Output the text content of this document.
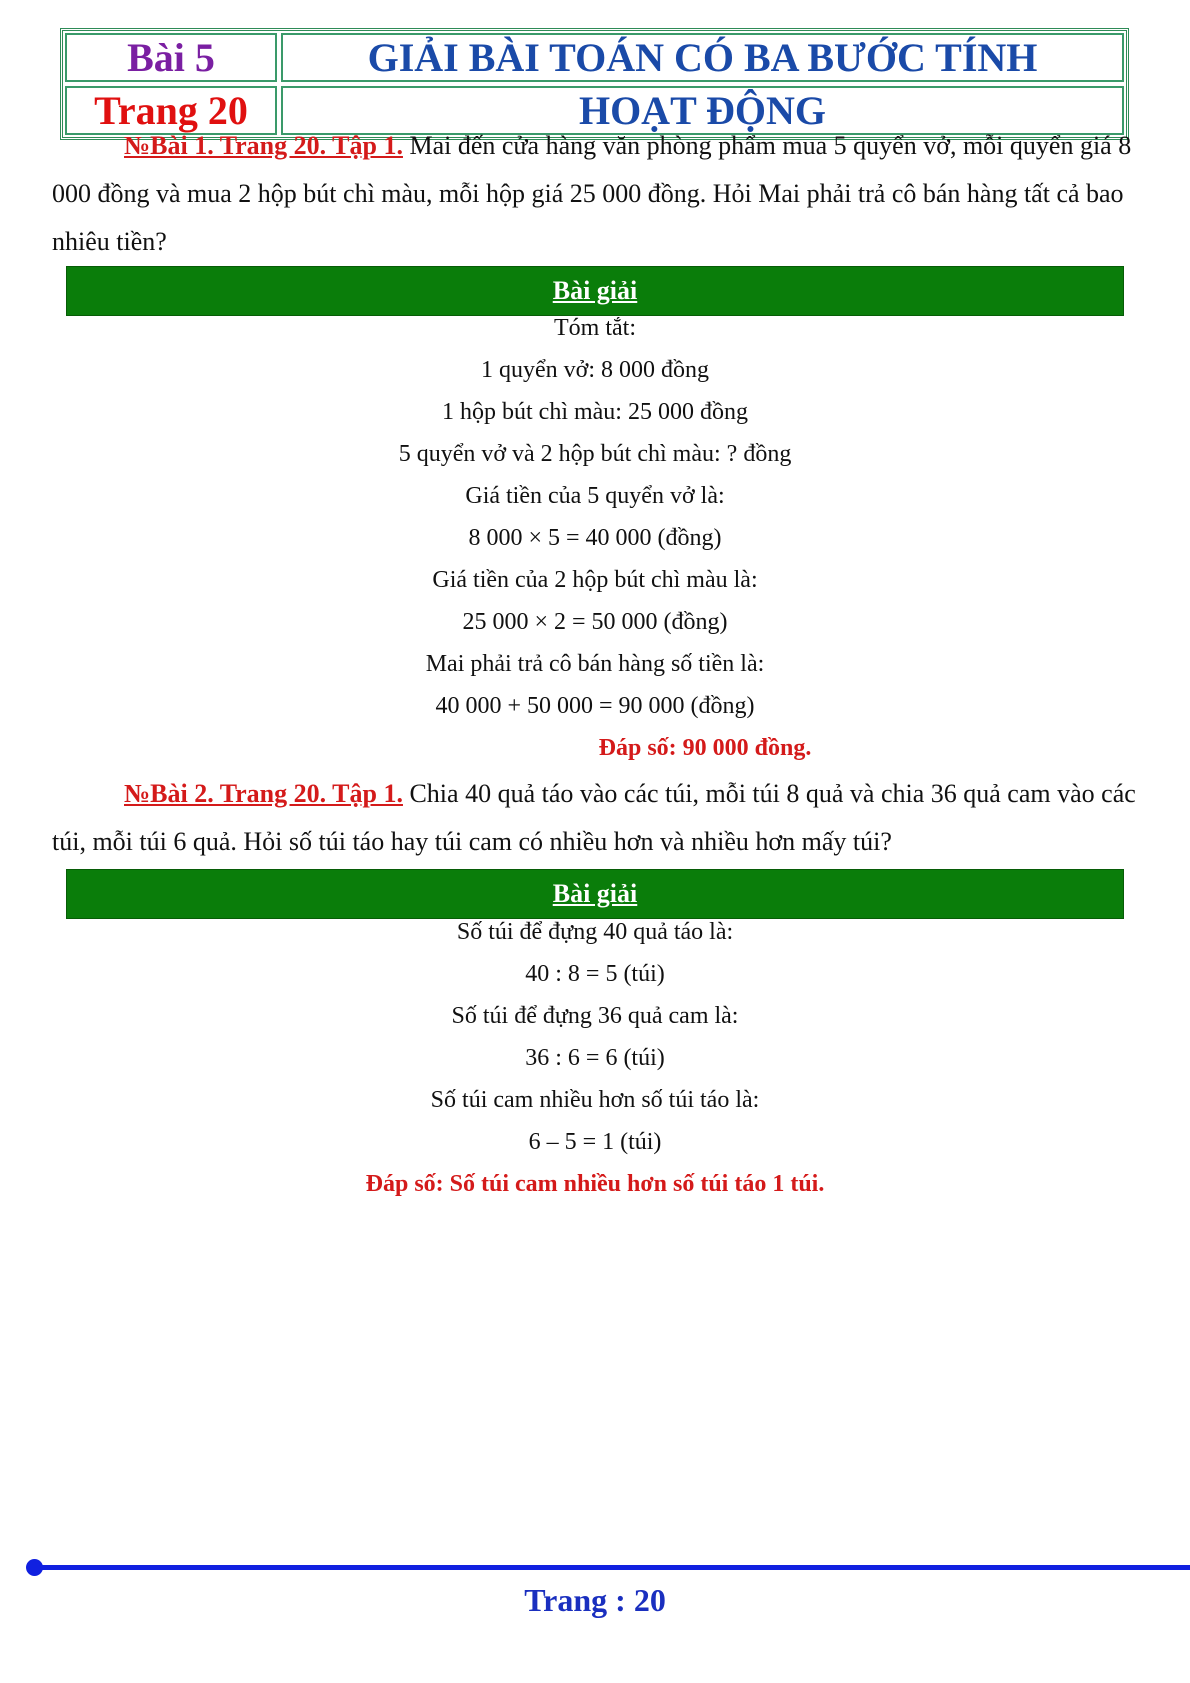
Bài 5	GIẢI BÀI TOÁN CÓ BA BƯỚC TÍNH
Trang 20	HOẠT ĐỘNG

№Bài 1. Trang 20. Tập 1. Mai đến cửa hàng văn phòng phẩm mua 5 quyển vở, mỗi quyển giá 8 000 đồng và mua 2 hộp bút chì màu, mỗi hộp giá 25 000 đồng. Hỏi Mai phải trả cô bán hàng tất cả bao nhiêu tiền?

Bài giải
Tóm tắt:
1 quyển vở: 8 000 đồng
1 hộp bút chì màu: 25 000 đồng
5 quyển vở và 2 hộp bút chì màu: ? đồng
Giá tiền của 5 quyển vở là:
8 000 × 5 = 40 000 (đồng)
Giá tiền của 2 hộp bút chì màu là:
25 000 × 2 = 50 000 (đồng)
Mai phải trả cô bán hàng số tiền là:
40 000 + 50 000 = 90 000 (đồng)
Đáp số: 90 000 đồng.

№Bài 2. Trang 20. Tập 1. Chia 40 quả táo vào các túi, mỗi túi 8 quả và chia 36 quả cam vào các túi, mỗi túi 6 quả. Hỏi số túi táo hay túi cam có nhiều hơn và nhiều hơn mấy túi?

Bài giải
Số túi để đựng 40 quả táo là:
40 : 8 = 5 (túi)
Số túi để đựng 36 quả cam là:
36 : 6 = 6 (túi)
Số túi cam nhiều hơn số túi táo là:
6 – 5 = 1 (túi)
Đáp số: Số túi cam nhiều hơn số túi táo 1 túi.
Trang : 20
